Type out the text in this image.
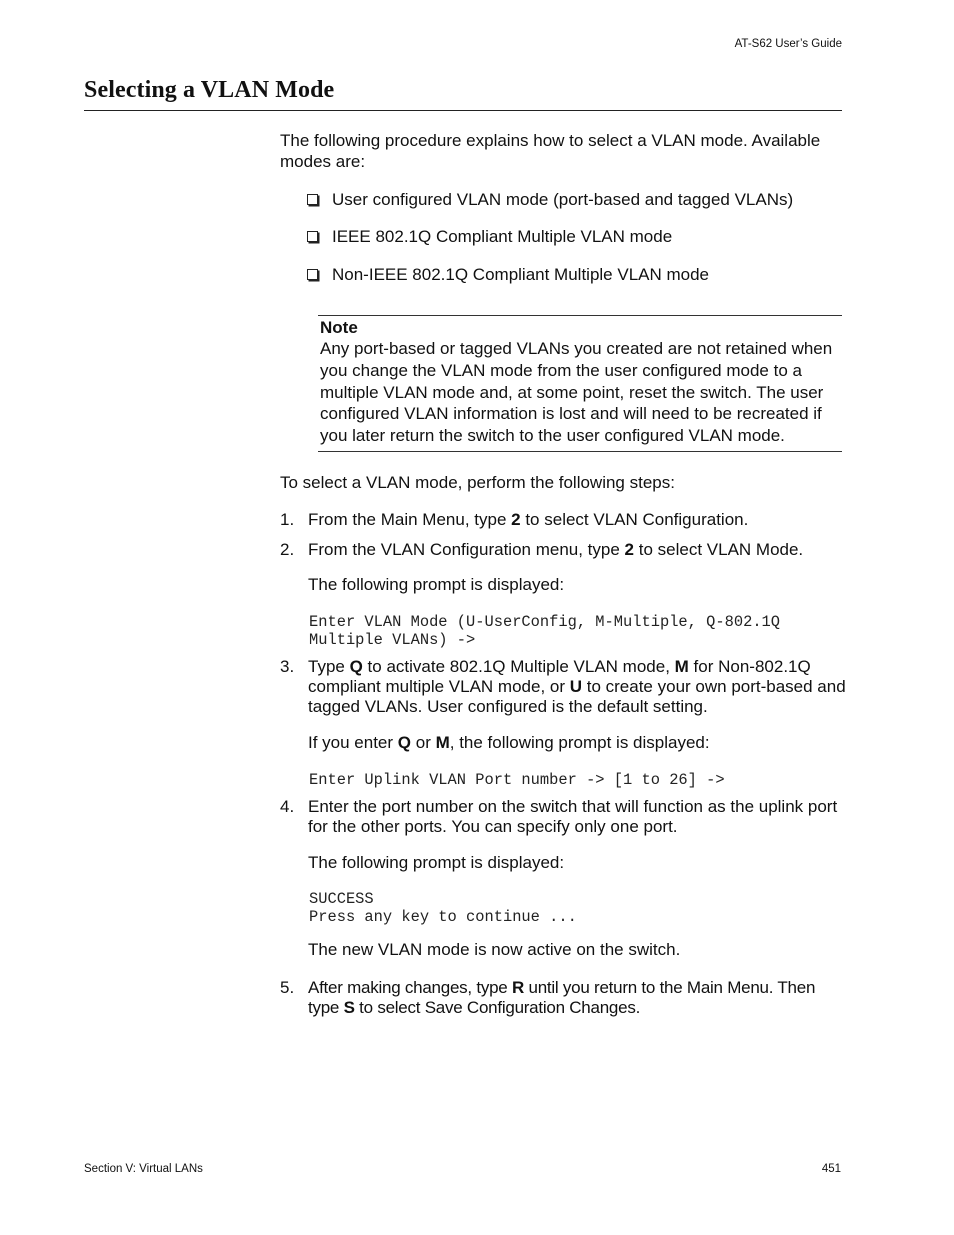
AT-S62 User’s Guide
Selecting a VLAN Mode
The following procedure explains how to select a VLAN mode. Available modes are:
User configured VLAN mode (port-based and tagged VLANs)
IEEE 802.1Q Compliant Multiple VLAN mode
Non-IEEE 802.1Q Compliant Multiple VLAN mode
Note
Any port-based or tagged VLANs you created are not retained when you change the VLAN mode from the user configured mode to a multiple VLAN mode and, at some point, reset the switch. The user configured VLAN information is lost and will need to be recreated if you later return the switch to the user configured VLAN mode.
To select a VLAN mode, perform the following steps:
1. From the Main Menu, type 2 to select VLAN Configuration.
2. From the VLAN Configuration menu, type 2 to select VLAN Mode.
The following prompt is displayed:
Enter VLAN Mode (U-UserConfig, M-Multiple, Q-802.1Q
Multiple VLANs) ->
3. Type Q to activate 802.1Q Multiple VLAN mode, M for Non-802.1Q compliant multiple VLAN mode, or U to create your own port-based and tagged VLANs. User configured is the default setting.
If you enter Q or M, the following prompt is displayed:
Enter Uplink VLAN Port number -> [1 to 26] ->
4. Enter the port number on the switch that will function as the uplink port for the other ports. You can specify only one port.
The following prompt is displayed:
SUCCESS
Press any key to continue ...
The new VLAN mode is now active on the switch.
5. After making changes, type R until you return to the Main Menu. Then type S to select Save Configuration Changes.
Section V: Virtual LANs	451
